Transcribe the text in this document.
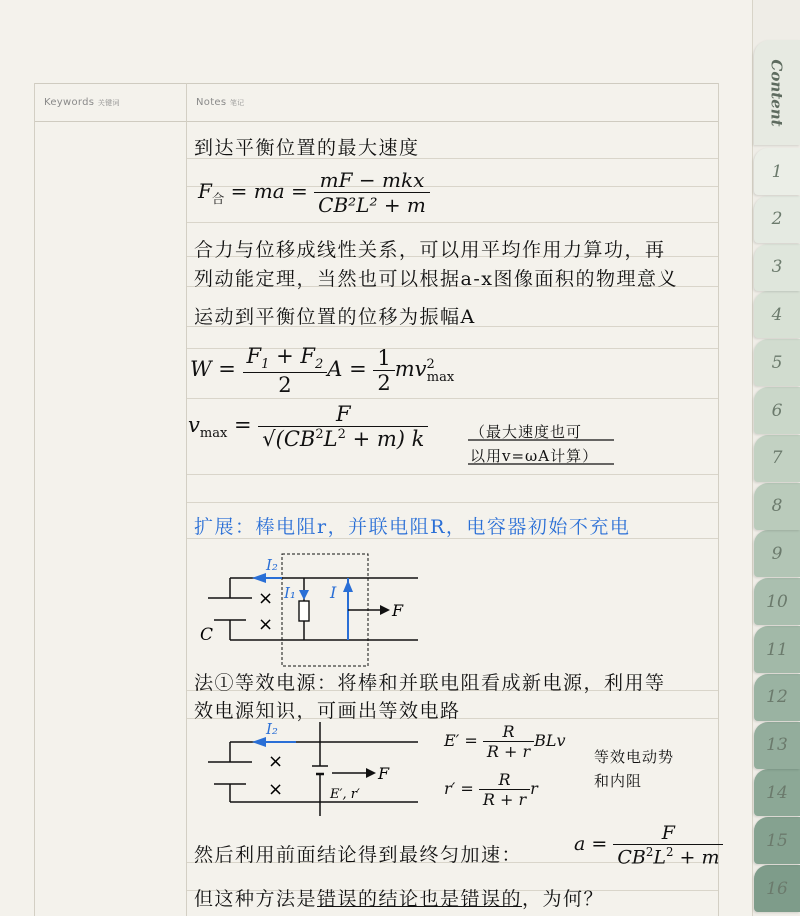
Keywords 关键词	Notes 笔记
到达平衡位置的最大速度
$F_合$ = ma = $\frac{\text{mF − mkx}}{\text{CB²L² + m}}$
合力与位移成线性关系，可以用平均作用力算功，再
列动能定理，当然也可以根据a-x图像面积的物理意义
运动到平衡位置的位移为振幅A
$W = \frac{F_1 + F_2}{2}$ $A = \frac{1}{2} mv^2_{max}$
$v_{max} = \frac{F}{√(CB^2L^2 + m) k}$	（最大速度也可
以用v=ωA计算）
扩展：棒电阻r，并联电阻R，电容器初始不充电
×
×
I₂
I₁ I
F
C
法①等效电源：将棒和并联电阻看成新电源，利用等
效电源知识，可画出等效电路
×
×
I₂
F
E′, r′
$E' = \frac{R}{R + r}$ BLv
$r' = \frac{R}{R + r}$ r
等效电动势
和内阻
然后利用前面结论得到最终匀加速：	$a = \frac{F}{CB^2L^2 + m}$
但这种方法是错误的结论也是错误的，为何？
Content
1
2
3
4
5
6
7
8
9
10
11
12
13
14
15
16
